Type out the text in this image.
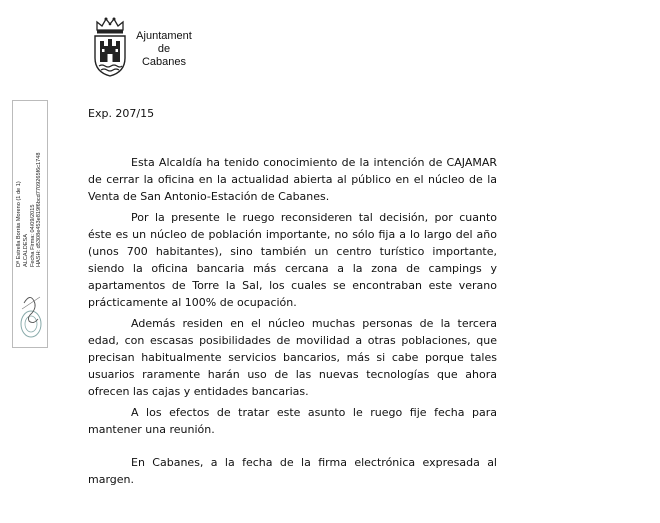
Ajuntament
de
Cabanes
Dª Estrella Borràs Moreno (1 de 1) ALCALDESA Fecha Firma: 04/09/2015 HASH: d5308e453e819f6bcd7709265f6c1748
Exp. 207/15

Esta Alcaldía ha tenido conocimiento de la intención de CAJAMAR de cerrar la oficina en la actualidad abierta al público en el núcleo de la Venta de San Antonio-Estación de Cabanes.

Por la presente le ruego reconsideren tal decisión, por cuanto éste es un núcleo de población importante, no sólo fija a lo largo del año (unos 700 habitantes), sino también un centro turístico importante, siendo la oficina bancaria más cercana a la zona de campings y apartamentos de Torre la Sal, los cuales se encontraban este verano prácticamente al 100% de ocupación.

Además residen en el núcleo muchas personas de la tercera edad, con escasas posibilidades de movilidad a otras poblaciones, que precisan habitualmente servicios bancarios, más si cabe porque tales usuarios raramente harán uso de las nuevas tecnologías que ahora ofrecen las cajas y entidades bancarias.

A los efectos de tratar este asunto le ruego fije fecha para mantener una reunión.

En Cabanes, a la fecha de la firma electrónica expresada al margen.
